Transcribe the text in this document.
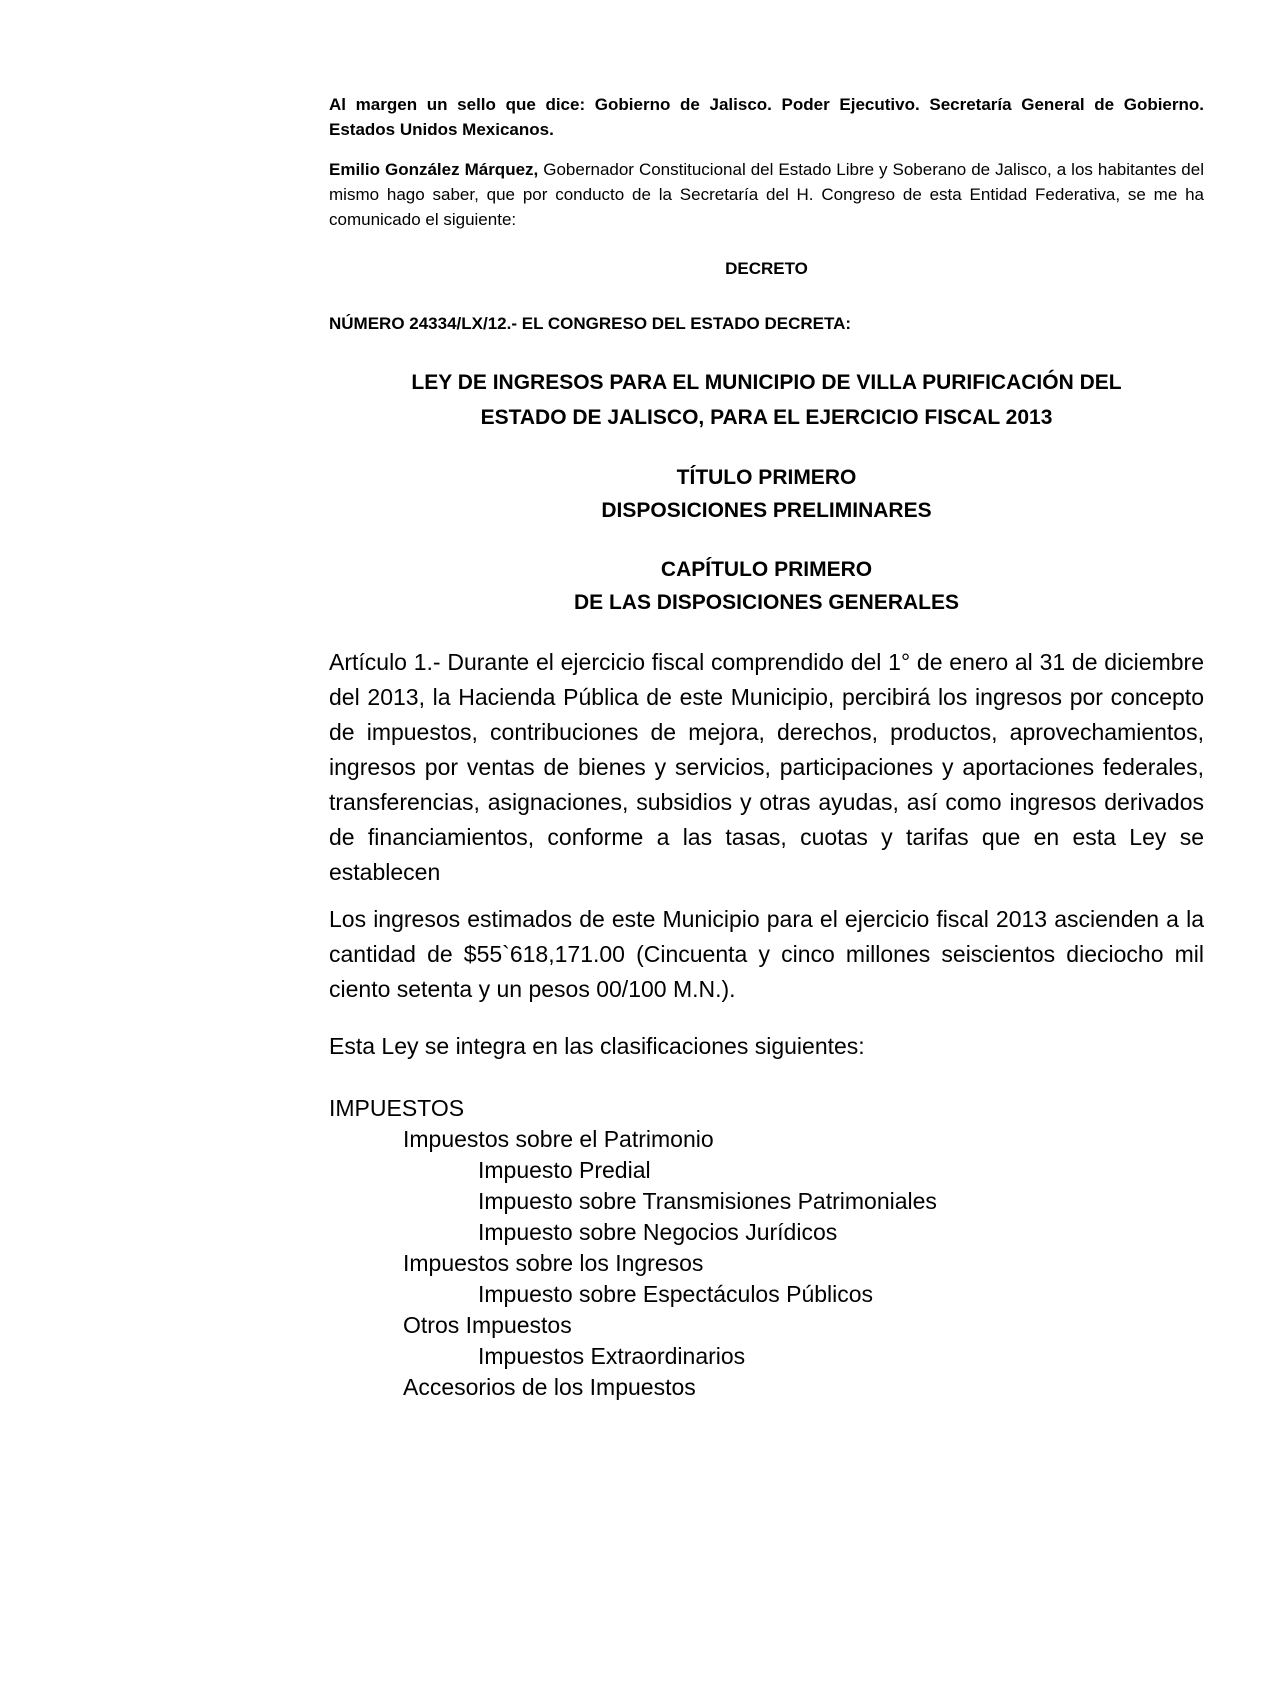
Al margen un sello que dice: Gobierno de Jalisco. Poder Ejecutivo. Secretaría General de Gobierno. Estados Unidos Mexicanos.

Emilio González Márquez, Gobernador Constitucional del Estado Libre y Soberano de Jalisco, a los habitantes del mismo hago saber, que por conducto de la Secretaría del H. Congreso de esta Entidad Federativa, se me ha comunicado el siguiente:

DECRETO

NÚMERO 24334/LX/12.- EL CONGRESO DEL ESTADO DECRETA:

LEY DE INGRESOS PARA EL MUNICIPIO DE VILLA PURIFICACIÓN DEL
ESTADO DE JALISCO, PARA EL EJERCICIO FISCAL 2013
TÍTULO PRIMERO
DISPOSICIONES PRELIMINARES
CAPÍTULO PRIMERO
DE LAS DISPOSICIONES GENERALES

Artículo 1.- Durante el ejercicio fiscal comprendido del 1° de enero al 31 de diciembre del 2013, la Hacienda Pública de este Municipio, percibirá los ingresos por concepto de impuestos, contribuciones de mejora, derechos, productos, aprovechamientos, ingresos por ventas de bienes y servicios, participaciones y aportaciones federales, transferencias, asignaciones, subsidios y otras ayudas, así como ingresos derivados de financiamientos, conforme a las tasas, cuotas y tarifas que en esta Ley se establecen

Los ingresos estimados de este Municipio para el ejercicio fiscal 2013 ascienden a la cantidad de $55`618,171.00 (Cincuenta y cinco millones seiscientos dieciocho mil ciento setenta y un pesos 00/100 M.N.).

Esta Ley se integra en las clasificaciones siguientes:

IMPUESTOS
Impuestos sobre el Patrimonio
Impuesto Predial
Impuesto sobre Transmisiones Patrimoniales
Impuesto sobre Negocios Jurídicos
Impuestos sobre los Ingresos
Impuesto sobre Espectáculos Públicos
Otros Impuestos
Impuestos Extraordinarios
Accesorios de los Impuestos
